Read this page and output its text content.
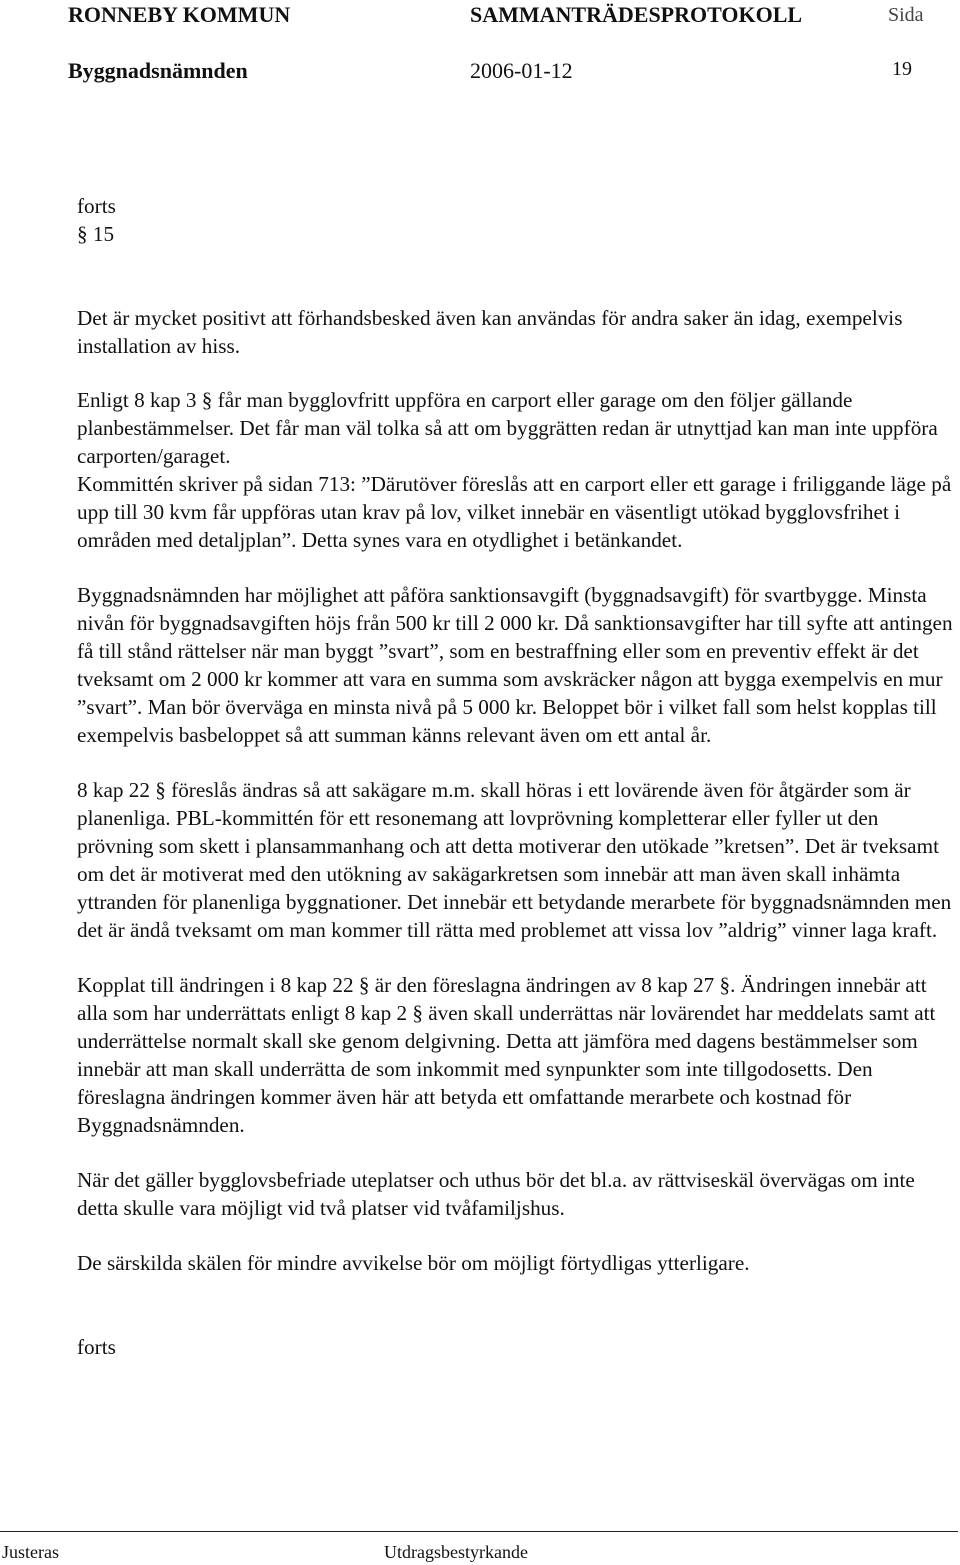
RONNEBY KOMMUN	SAMMANTRÄDESPROTOKOLL	Sida
Byggnadsnämnden	2006-01-12	19

forts

§ 15

Det är mycket positivt att förhandsbesked även kan användas för andra saker än idag, exempelvis installation av hiss.

Enligt 8 kap 3 § får man bygglovfritt uppföra en carport eller garage om den följer gällande planbestämmelser. Det får man väl tolka så att om byggrätten redan är utnyttjad kan man inte uppföra carporten/garaget.

Kommittén skriver på sidan 713: ”Därutöver föreslås att en carport eller ett garage i friliggande läge på upp till 30 kvm får uppföras utan krav på lov, vilket innebär en väsentligt utökad bygglovsfrihet i områden med detaljplan”. Detta synes vara en otydlighet i betänkandet.

Byggnadsnämnden har möjlighet att påföra sanktionsavgift (byggnadsavgift) för svartbygge. Minsta nivån för byggnadsavgiften höjs från 500 kr till 2 000 kr. Då sanktionsavgifter har till syfte att antingen få till stånd rättelser när man byggt ”svart”, som en bestraffning eller som en preventiv effekt är det tveksamt om 2 000 kr kommer att vara en summa som avskräcker någon att bygga exempelvis en mur ”svart”. Man bör överväga en minsta nivå på 5 000 kr. Beloppet bör i vilket fall som helst kopplas till exempelvis basbeloppet så att summan känns relevant även om ett antal år.

8 kap 22 § föreslås ändras så att sakägare m.m. skall höras i ett lovärende även för åtgärder som är planenliga. PBL-kommittén för ett resonemang att lovprövning kompletterar eller fyller ut den prövning som skett i plansammanhang och att detta motiverar den utökade ”kretsen”. Det är tveksamt om det är motiverat med den utökning av sakägarkretsen som innebär att man även skall inhämta yttranden för planenliga byggnationer. Det innebär ett betydande merarbete för byggnadsnämnden men det är ändå tveksamt om man kommer till rätta med problemet att vissa lov ”aldrig” vinner laga kraft.

Kopplat till ändringen i 8 kap 22 § är den föreslagna ändringen av 8 kap 27 §. Ändringen innebär att alla som har underrättats enligt 8 kap 2 § även skall underrättas när lovärendet har meddelats samt att underrättelse normalt skall ske genom delgivning. Detta att jämföra med dagens bestämmelser som innebär att man skall underrätta de som inkommit med synpunkter som inte tillgodosetts. Den föreslagna ändringen kommer även här att betyda ett omfattande merarbete och kostnad för Byggnadsnämnden.

När det gäller bygglovsbefriade uteplatser och uthus bör det bl.a. av rättviseskäl övervägas om inte detta skulle vara möjligt vid två platser vid tvåfamiljshus.

De särskilda skälen för mindre avvikelse bör om möjligt förtydligas ytterligare.

forts

Justeras	Utdragsbestyrkande
